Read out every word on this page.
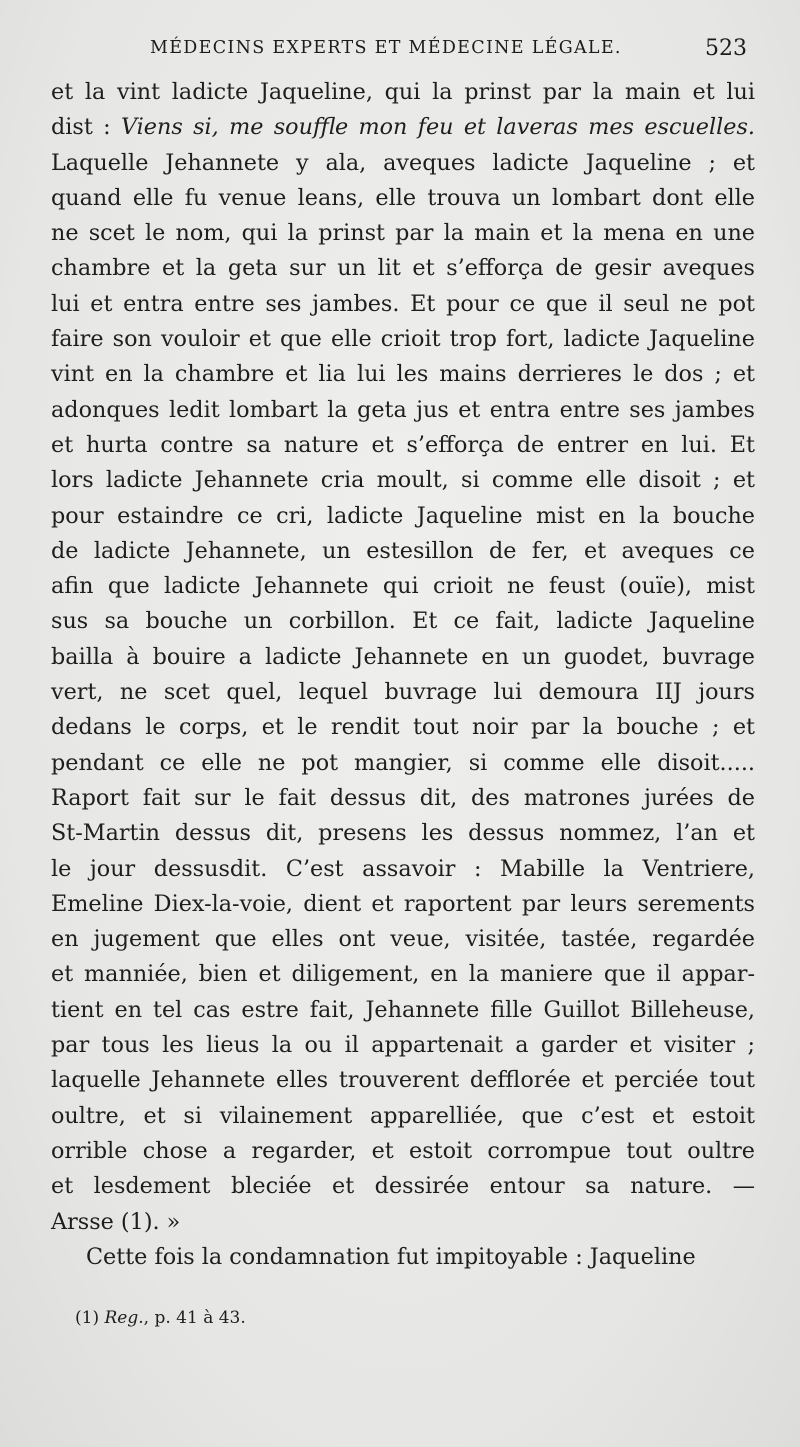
MÉDECINS EXPERTS ET MÉDECINE LÉGALE.	523
et la vint ladicte Jaqueline, qui la prinst par la main et lui
dist : Viens si, me souffle mon feu et laveras mes escuelles.
Laquelle Jehannete y ala, aveques ladicte Jaqueline ; et
quand elle fu venue leans, elle trouva un lombart dont elle
ne scet le nom, qui la prinst par la main et la mena en une
chambre et la geta sur un lit et s’efforça de gesir aveques
lui et entra entre ses jambes. Et pour ce que il seul ne pot
faire son vouloir et que elle crioit trop fort, ladicte Jaqueline
vint en la chambre et lia lui les mains derrieres le dos ; et
adonques ledit lombart la geta jus et entra entre ses jambes
et hurta contre sa nature et s’efforça de entrer en lui. Et
lors ladicte Jehannete cria moult, si comme elle disoit ; et
pour estaindre ce cri, ladicte Jaqueline mist en la bouche
de ladicte Jehannete, un estesillon de fer, et aveques ce
afin que ladicte Jehannete qui crioit ne feust (ouïe), mist
sus sa bouche un corbillon. Et ce fait, ladicte Jaqueline
bailla à bouire a ladicte Jehannete en un guodet, buvrage
vert, ne scet quel, lequel buvrage lui demoura IIJ jours
dedans le corps, et le rendit tout noir par la bouche ; et
pendant ce elle ne pot mangier, si comme elle disoit.....
Raport fait sur le fait dessus dit, des matrones jurées de
St-Martin dessus dit, presens les dessus nommez, l’an et
le jour dessusdit. C’est assavoir : Mabille la Ventriere,
Emeline Diex-la-voie, dient et raportent par leurs serements
en jugement que elles ont veue, visitée, tastée, regardée
et manniée, bien et diligement, en la maniere que il appar-
tient en tel cas estre fait, Jehannete fille Guillot Billeheuse,
par tous les lieus la ou il appartenait a garder et visiter ;
laquelle Jehannete elles trouverent defflorée et perciée tout
oultre, et si vilainement apparelliée, que c’est et estoit
orrible chose a regarder, et estoit corrompue tout oultre
et lesdement bleciée et dessirée entour sa nature. —
Arsse (1). »
Cette fois la condamnation fut impitoyable : Jaqueline
(1) Reg., p. 41 à 43.
